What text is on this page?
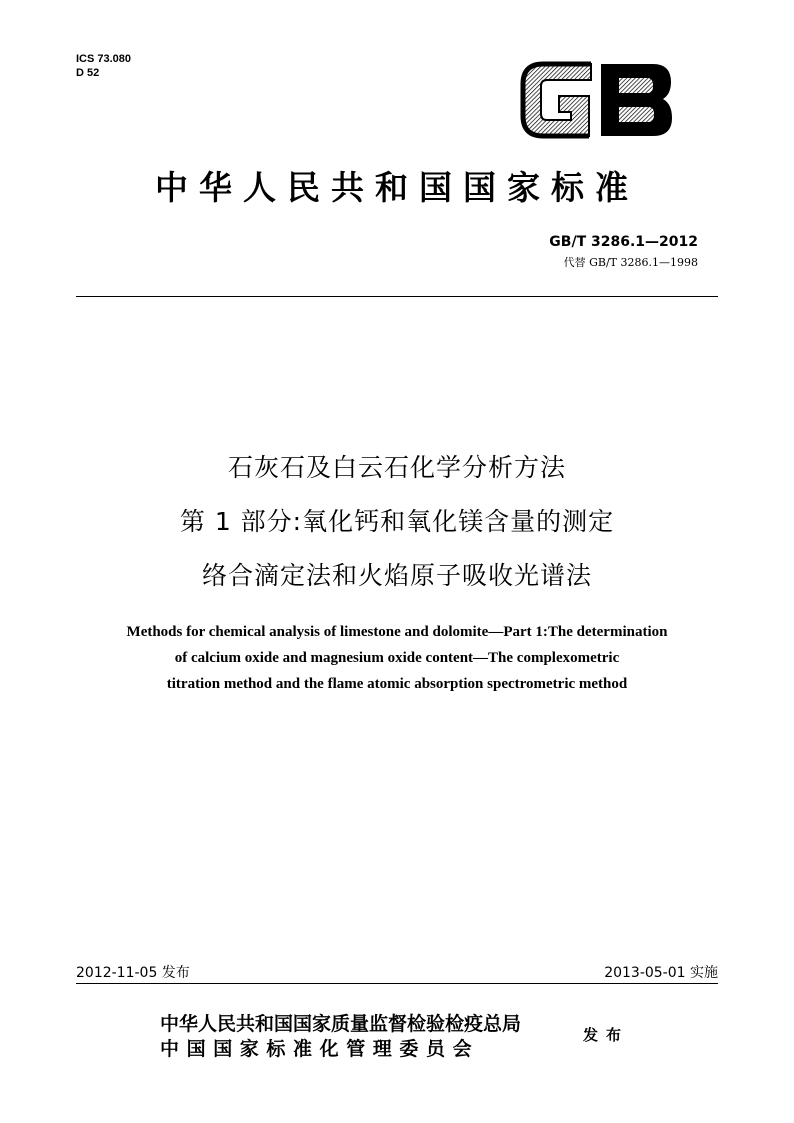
ICS 73.080
D 52
中华人民共和国国家标准
GB/T 3286.1—2012
代替 GB/T 3286.1—1998
石灰石及白云石化学分析方法
第 1 部分:氧化钙和氧化镁含量的测定
络合滴定法和火焰原子吸收光谱法
Methods for chemical analysis of limestone and dolomite—Part 1:The determination
of calcium oxide and magnesium oxide content—The complexometric
titration method and the flame atomic absorption spectrometric method
2012-11-05 发布	2013-05-01 实施
中华人民共和国国家质量监督检验检疫总局
中国国家标准化管理委员会
发布
